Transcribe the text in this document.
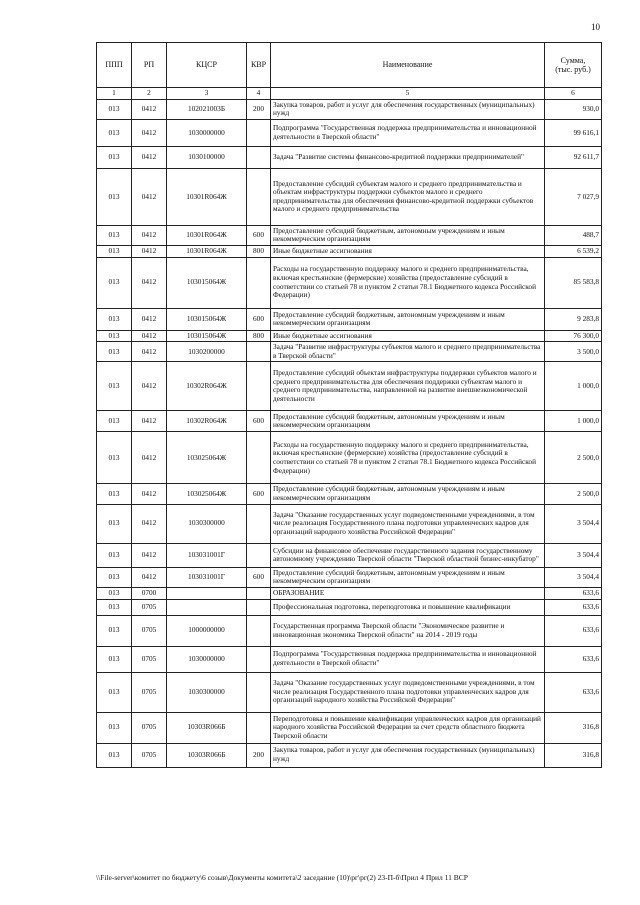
10
ППП	РП	КЦСР	КВР	Наименование	Сумма,
(тыс. руб.)
1	2	3	4	5	6
013	0412	102021003Б	200	Закупка товаров, работ и услуг для обеспечения государственных (муниципальных) нужд	930,0
013	0412	1030000000		Подпрограмма "Государственная поддержка предпринимательства и инновационной деятельности в Тверской области"	99 616,1
013	0412	1030100000		Задача "Развитие системы финансово-кредитной поддержки предпринимателей"	92 611,7
013	0412	10301R064Ж		Предоставление субсидий субъектам малого и среднего предпринимательства и объектам инфраструктуры поддержки субъектов малого и среднего предпринимательства для обеспечения финансово-кредитной поддержки субъектов малого и среднего предпринимательства	7 027,9
013	0412	10301R064Ж	600	Предоставление субсидий бюджетным, автономным учреждениям и иным некоммерческим организациям	488,7
013	0412	10301R064Ж	800	Иные бюджетные ассигнования	6 539,2
013	0412	103015064Ж		Расходы на государственную поддержку малого и среднего предпринимательства, включая крестьянские (фермерские) хозяйства (предоставление субсидий в соответствии со статьей 78 и пунктом 2 статьи 78.1 Бюджетного кодекса Российской Федерации)	85 583,8
013	0412	103015064Ж	600	Предоставление субсидий бюджетным, автономным учреждениям и иным некоммерческим организациям	9 283,8
013	0412	103015064Ж	800	Иные бюджетные ассигнования	76 300,0
013	0412	1030200000		Задача "Развитие инфраструктуры субъектов малого и среднего предпринимательства в Тверской области"	3 500,0
013	0412	10302R064Ж		Предоставление субсидий объектам инфраструктуры поддержки субъектов малого и среднего предпринимательства для обеспечения поддержки субъектам малого и среднего предпринимательства, направленной на развитие внешнеэкономической деятельности	1 000,0
013	0412	10302R064Ж	600	Предоставление субсидий бюджетным, автономным учреждениям и иным некоммерческим организациям	1 000,0
013	0412	103025064Ж		Расходы на государственную поддержку малого и среднего предпринимательства, включая крестьянские (фермерские) хозяйства (предоставление субсидий в соответствии со статьей 78 и пунктом 2 статьи 78.1 Бюджетного кодекса Российской Федерации)	2 500,0
013	0412	103025064Ж	600	Предоставление субсидий бюджетным, автономным учреждениям и иным некоммерческим организациям	2 500,0
013	0412	1030300000		Задача "Оказание государственных услуг подведомственными учреждениями, в том числе реализация Государственного плана подготовки управленческих кадров для организаций народного хозяйства Российской Федерации"	3 504,4
013	0412	103031001Г		Субсидии на финансовое обеспечение государственного задания государственному автономному учреждению Тверской области "Тверской областной бизнес-инкубатор"	3 504,4
013	0412	103031001Г	600	Предоставление субсидий бюджетным, автономным учреждениям и иным некоммерческим организациям	3 504,4
013	0700			ОБРАЗОВАНИЕ	633,6
013	0705			Профессиональная подготовка, переподготовка и повышение квалификации	633,6
013	0705	1000000000		Государственная программа Тверской области "Экономическое развитие и инновационная экономика Тверской области" на 2014 - 2019 годы	633,6
013	0705	1030000000		Подпрограмма "Государственная поддержка предпринимательства и инновационной деятельности в Тверской области"	633,6
013	0705	1030300000		Задача "Оказание государственных услуг подведомственными учреждениями, в том числе реализация Государственного плана подготовки управленческих кадров для организаций народного хозяйства Российской Федерации"	633,6
013	0705	10303R066Б		Переподготовка и повышение квалификации управленческих кадров для организаций народного хозяйства Российской Федерации за счет средств областного бюджета Тверской области	316,8
013	0705	10303R066Б	200	Закупка товаров, работ и услуг для обеспечения государственных (муниципальных) нужд	316,8
\\File-server\комитет по бюджету\6 созыв\Документы комитета\2 заседание (10)\рг\рг(2) 23-П-б\Прил 4 Прил 11 ВСР
